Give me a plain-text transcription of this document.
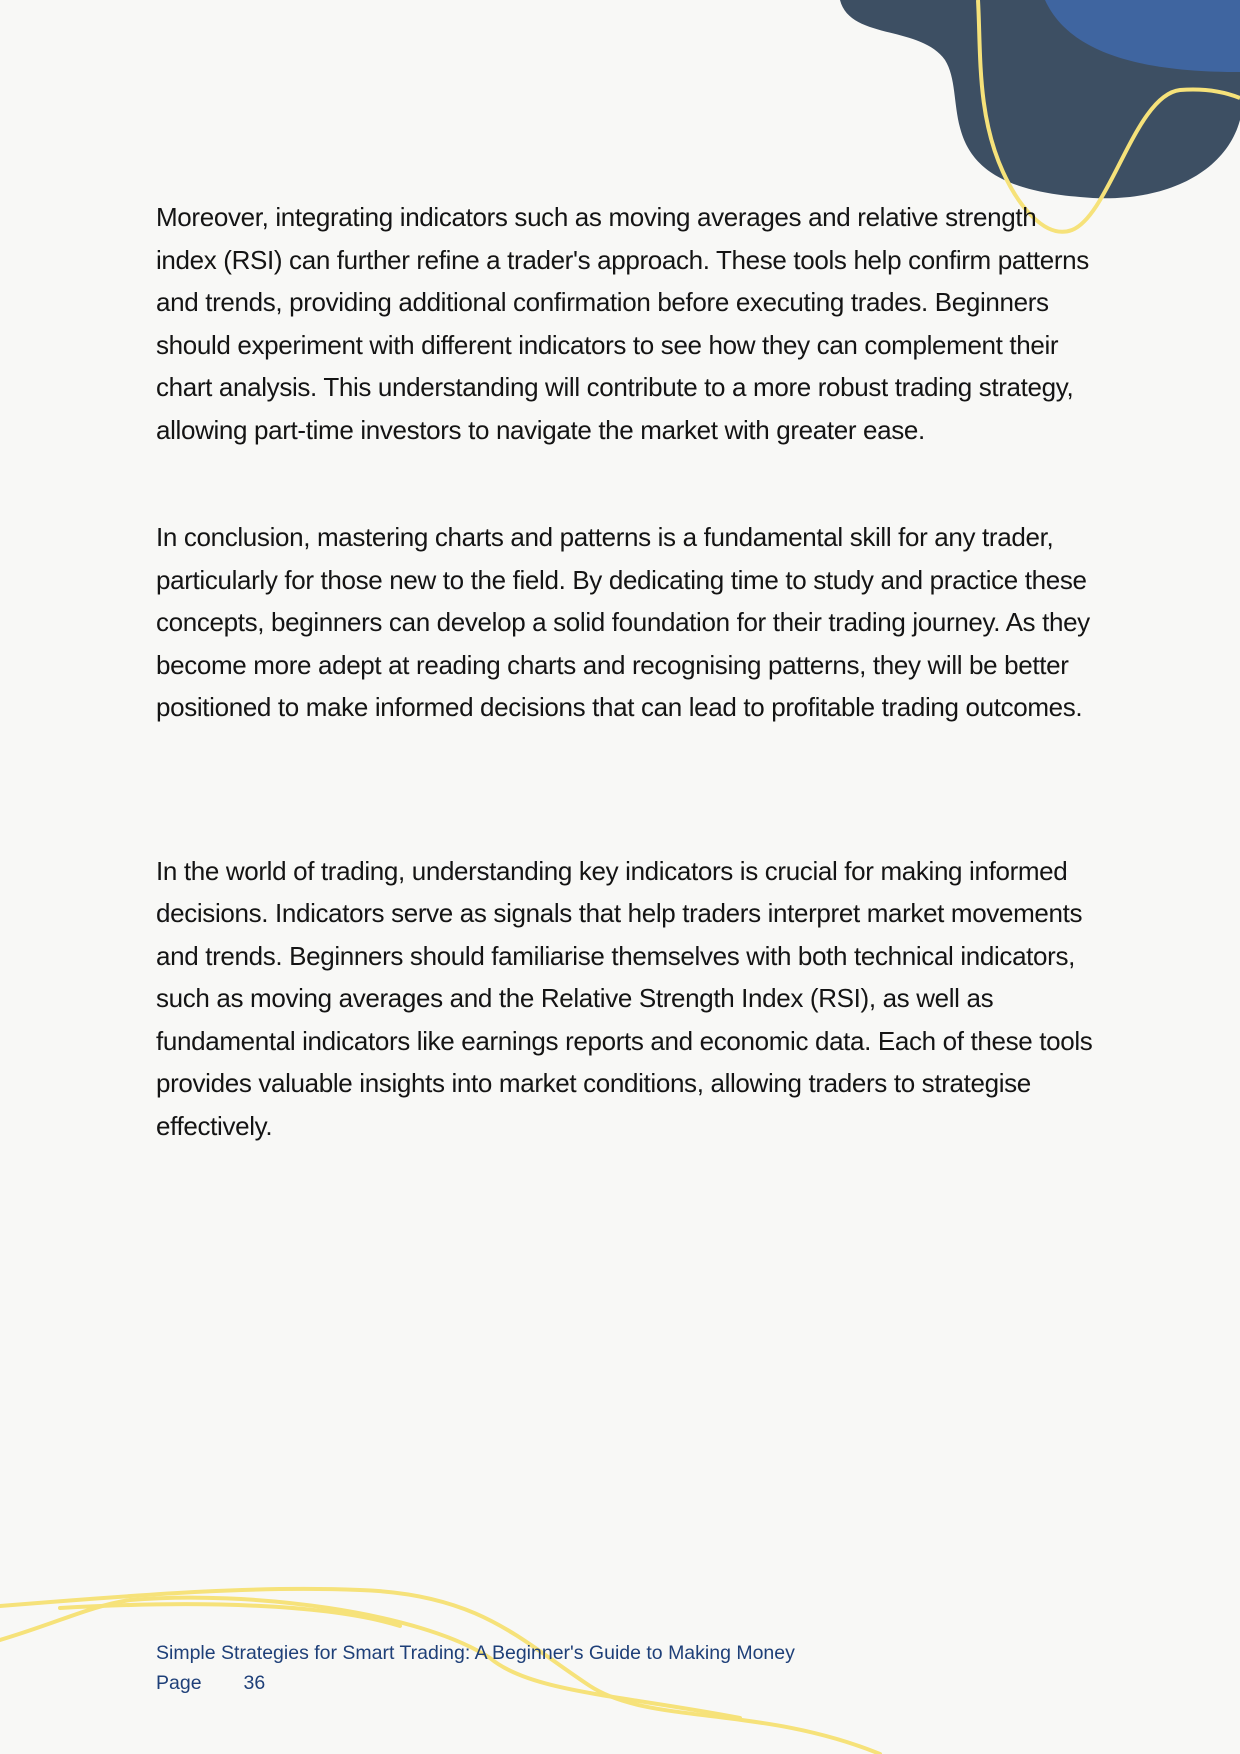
Moreover, integrating indicators such as moving averages and relative strength index (RSI) can further refine a trader's approach. These tools help confirm patterns and trends, providing additional confirmation before executing trades. Beginners should experiment with different indicators to see how they can complement their chart analysis. This understanding will contribute to a more robust trading strategy, allowing part-time investors to navigate the market with greater ease.

In conclusion, mastering charts and patterns is a fundamental skill for any trader, particularly for those new to the field. By dedicating time to study and practice these concepts, beginners can develop a solid foundation for their trading journey. As they become more adept at reading charts and recognising patterns, they will be better positioned to make informed decisions that can lead to profitable trading outcomes.

In the world of trading, understanding key indicators is crucial for making informed decisions. Indicators serve as signals that help traders interpret market movements and trends. Beginners should familiarise themselves with both technical indicators, such as moving averages and the Relative Strength Index (RSI), as well as fundamental indicators like earnings reports and economic data. Each of these tools provides valuable insights into market conditions, allowing traders to strategise effectively.

Simple Strategies for Smart Trading: A Beginner's Guide to Making Money
Page 36
